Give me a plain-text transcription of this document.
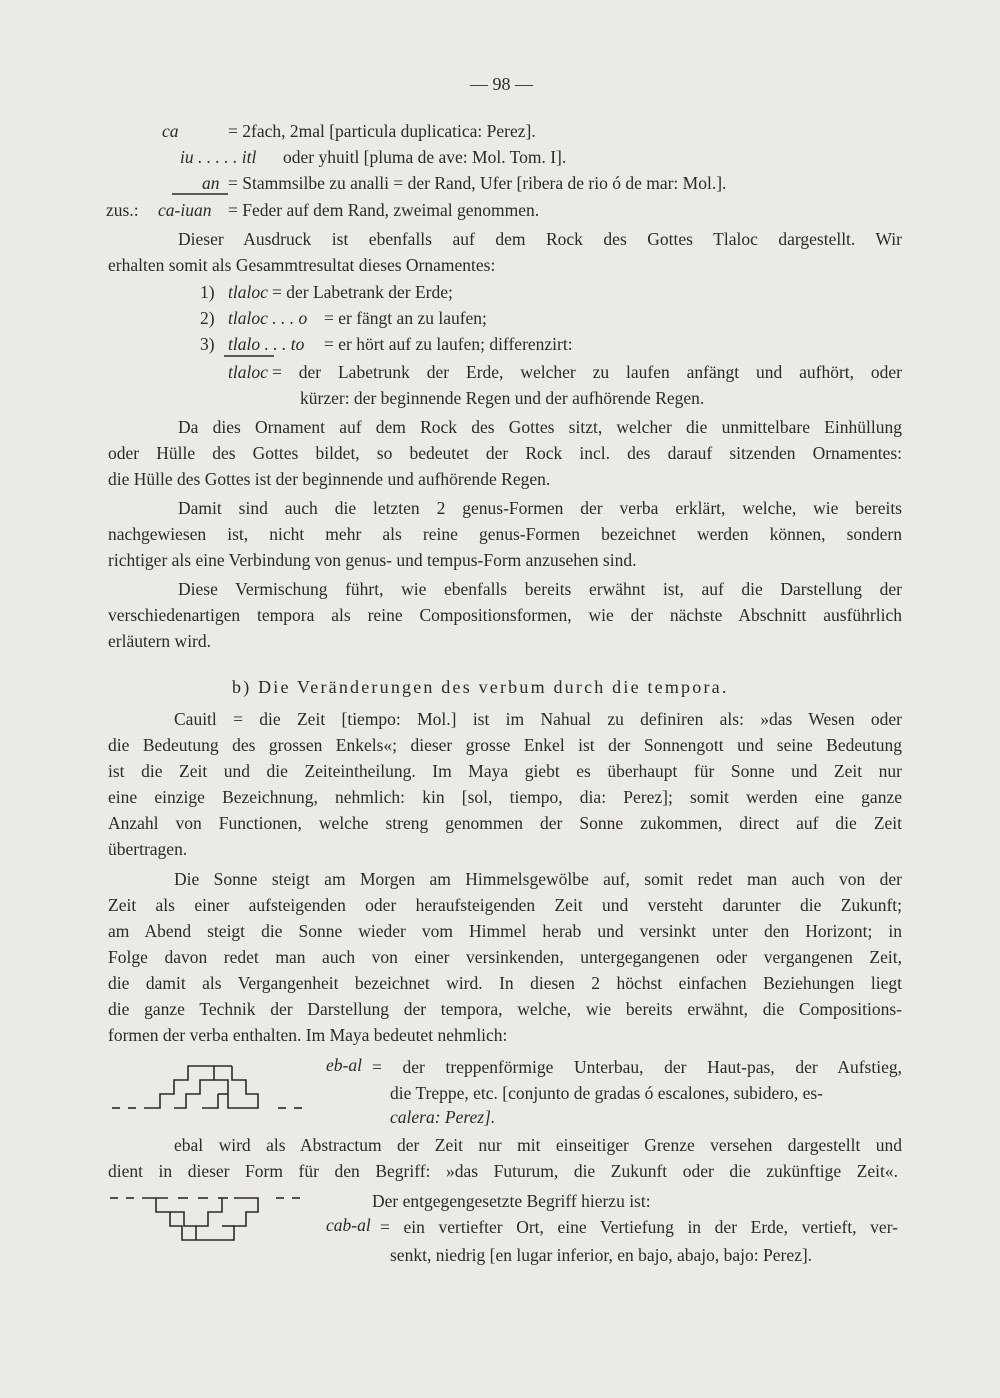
— 98 —
ca	= 2fach, 2mal [particula duplicatica: Perez].
iu . . . . . itl oder yhuitl [pluma de ave: Mol. Tom. I].
an = Stammsilbe zu analli = der Rand, Ufer [ribera de rio ó de mar: Mol.].
zus.: ca-iuan = Feder auf dem Rand, zweimal genommen.
Dieser Ausdruck ist ebenfalls auf dem Rock des Gottes Tlaloc dargestellt. Wir
erhalten somit als Gesammtresultat dieses Ornamentes:
1) tlaloc = der Labetrank der Erde;
2) tlaloc . . . o = er fängt an zu laufen;
3) tlalo . . . to = er hört auf zu laufen; differenzirt:
tlaloc = der Labetrunk der Erde, welcher zu laufen anfängt und aufhört, oder
kürzer: der beginnende Regen und der aufhörende Regen.
Da dies Ornament auf dem Rock des Gottes sitzt, welcher die unmittelbare Einhüllung
oder Hülle des Gottes bildet, so bedeutet der Rock incl. des darauf sitzenden Ornamentes:
die Hülle des Gottes ist der beginnende und aufhörende Regen.
Damit sind auch die letzten 2 genus-Formen der verba erklärt, welche, wie bereits
nachgewiesen ist, nicht mehr als reine genus-Formen bezeichnet werden können, sondern
richtiger als eine Verbindung von genus- und tempus-Form anzusehen sind.
Diese Vermischung führt, wie ebenfalls bereits erwähnt ist, auf die Darstellung der
verschiedenartigen tempora als reine Compositionsformen, wie der nächste Abschnitt ausführlich
erläutern wird.
b) Die Veränderungen des verbum durch die tempora.
Cauitl = die Zeit [tiempo: Mol.] ist im Nahual zu definiren als: »das Wesen oder
die Bedeutung des grossen Enkels«; dieser grosse Enkel ist der Sonnengott und seine Bedeutung
ist die Zeit und die Zeiteintheilung. Im Maya giebt es überhaupt für Sonne und Zeit nur
eine einzige Bezeichnung, nehmlich: kin [sol, tiempo, dia: Perez]; somit werden eine ganze
Anzahl von Functionen, welche streng genommen der Sonne zukommen, direct auf die Zeit
übertragen.
Die Sonne steigt am Morgen am Himmelsgewölbe auf, somit redet man auch von der
Zeit als einer aufsteigenden oder heraufsteigenden Zeit und versteht darunter die Zukunft;
am Abend steigt die Sonne wieder vom Himmel herab und versinkt unter den Horizont; in
Folge davon redet man auch von einer versinkenden, untergegangenen oder vergangenen Zeit,
die damit als Vergangenheit bezeichnet wird. In diesen 2 höchst einfachen Beziehungen liegt
die ganze Technik der Darstellung der tempora, welche, wie bereits erwähnt, die Compositions-
formen der verba enthalten. Im Maya bedeutet nehmlich:
eb-al = der treppenförmige Unterbau, der Haut-pas, der Aufstieg,
die Treppe, etc. [conjunto de gradas ó escalones, subidero, es-
calera: Perez].
ebal wird als Abstractum der Zeit nur mit einseitiger Grenze versehen dargestellt und
dient in dieser Form für den Begriff: »das Futurum, die Zukunft oder die zukünftige Zeit«.
Der entgegengesetzte Begriff hierzu ist:
cab-al = ein vertiefter Ort, eine Vertiefung in der Erde, vertieft, ver-
senkt, niedrig [en lugar inferior, en bajo, abajo, bajo: Perez].
